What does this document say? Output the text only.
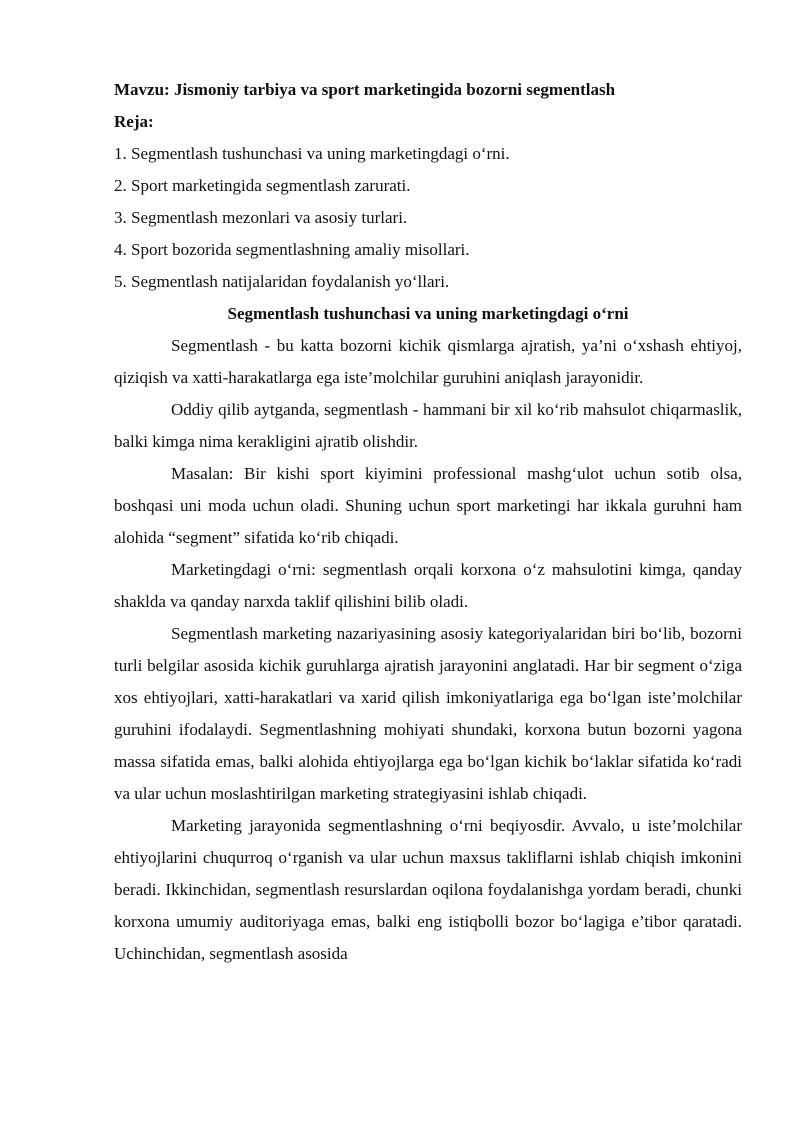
Mavzu: Jismoniy tarbiya va sport marketingida bozorni segmentlash

Reja:

1. Segmentlash tushunchasi va uning marketingdagi o‘rni.

2. Sport marketingida segmentlash zarurati.

3. Segmentlash mezonlari va asosiy turlari.

4. Sport bozorida segmentlashning amaliy misollari.

5. Segmentlash natijalaridan foydalanish yo‘llari.

Segmentlash tushunchasi va uning marketingdagi o‘rni

Segmentlash - bu katta bozorni kichik qismlarga ajratish, ya’ni o‘xshash ehtiyoj, qiziqish va xatti-harakatlarga ega iste’molchilar guruhini aniqlash jarayonidir.

Oddiy qilib aytganda, segmentlash - hammani bir xil ko‘rib mahsulot chiqarmaslik, balki kimga nima kerakligini ajratib olishdir.

Masalan: Bir kishi sport kiyimini professional mashg‘ulot uchun sotib olsa, boshqasi uni moda uchun oladi. Shuning uchun sport marketingi har ikkala guruhni ham alohida “segment” sifatida ko‘rib chiqadi.

Marketingdagi o‘rni: segmentlash orqali korxona o‘z mahsulotini kimga, qanday shaklda va qanday narxda taklif qilishini bilib oladi.

Segmentlash marketing nazariyasining asosiy kategoriyalaridan biri bo‘lib, bozorni turli belgilar asosida kichik guruhlarga ajratish jarayonini anglatadi. Har bir segment o‘ziga xos ehtiyojlari, xatti-harakatlari va xarid qilish imkoniyatlariga ega bo‘lgan iste’molchilar guruhini ifodalaydi. Segmentlashning mohiyati shundaki, korxona butun bozorni yagona massa sifatida emas, balki alohida ehtiyojlarga ega bo‘lgan kichik bo‘laklar sifatida ko‘radi va ular uchun moslashtirilgan marketing strategiyasini ishlab chiqadi.

Marketing jarayonida segmentlashning o‘rni beqiyosdir. Avvalo, u iste’molchilar ehtiyojlarini chuqurroq o‘rganish va ular uchun maxsus takliflarni ishlab chiqish imkonini beradi. Ikkinchidan, segmentlash resurslardan oqilona foydalanishga yordam beradi, chunki korxona umumiy auditoriyaga emas, balki eng istiqbolli bozor bo‘lagiga e’tibor qaratadi. Uchinchidan, segmentlash asosida
